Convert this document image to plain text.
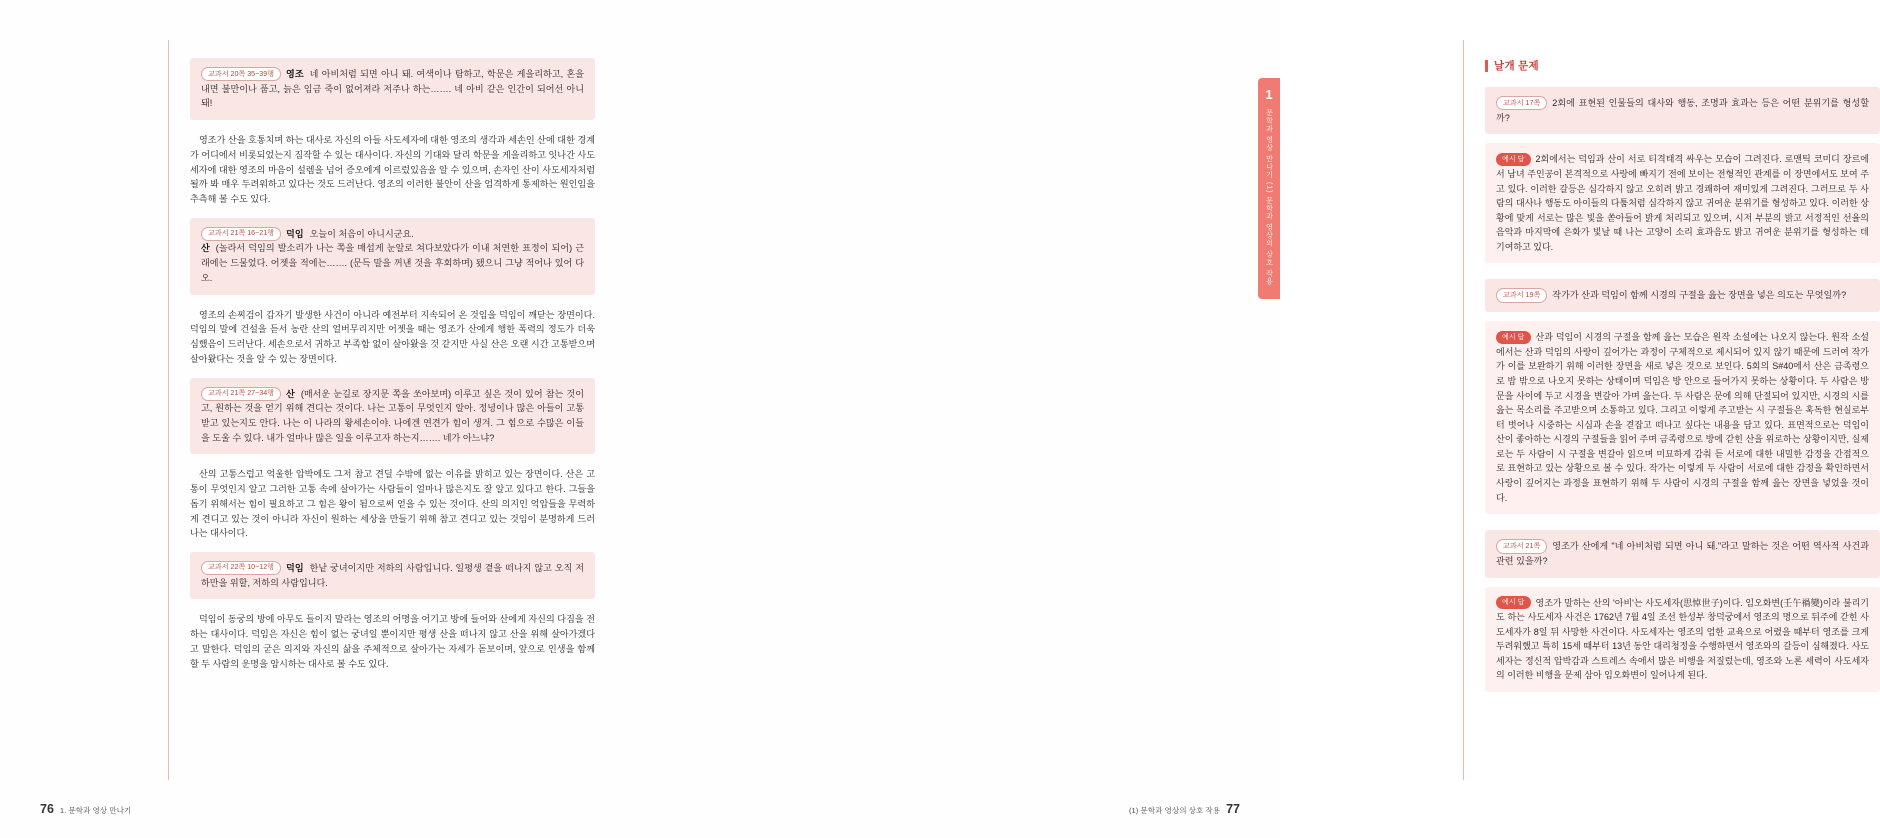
교과서 20쪽 35~39행 영조 네 아비처럼 되면 아니 돼. 여색이나 탐하고, 학문은 게을리하고, 혼을 내면 불만이나 품고, 늙은 임금 죽이 없어져라 저주나 하는……. 네 아비 같은 인간이 되어선 아니 돼!

영조가 산을 호통치며 하는 대사로 자신의 아들 사도세자에 대한 영조의 생각과 세손인 산에 대한 경계가 어디에서 비롯되었는지 짐작할 수 있는 대사이다. 자신의 기대와 달리 학문을 게을리하고 잇나간 사도세자에 대한 영조의 마음이 설렘을 넘어 증오에게 이르렀있음을 알 수 있으며, 손자인 산이 사도세자처럼 될까 봐 매우 두려워하고 있다는 것도 드러난다. 영조의 이러한 불안이 산을 엄격하게 통제하는 원인임을 추측해 볼 수도 있다.

교과서 21쪽 16~21행 덕임 오늘이 처음이 아니시군요.
산 (놀라서 덕임의 발소리가 나는 쪽을 매섭게 눈알로 쳐다보았다가 이내 처연한 표정이 되어) 근래에는 드물었다. 어젯을 적에는……. (문득 말을 꺼낸 것을 후회하며) 됐으니 그냥 적어나 있어 다오.

영조의 손찌검이 갑자기 발생한 사건이 아니라 예전부터 지속되어 온 것임을 덕임이 깨닫는 장면이다. 덕임의 말에 건설을 듣서 농란 산의 얼버무리지만 어젯을 때는 영조가 산에게 행한 폭력의 정도가 더욱 심했음이 드러난다. 세손으로서 귀하고 부족함 없이 살아왔을 것 같지만 사실 산은 오랜 시간 고통받으며 살아왔다는 것을 알 수 있는 장면이다.

교과서 21쪽 27~34행 산 (매서운 눈길로 장지문 쪽을 쏘아보며) 이루고 싶은 것이 있어 참는 것이고, 원하는 것을 얻기 위해 견디는 것이다. 나는 고통이 무엇인지 알아. 정녕이나 많은 아들이 고통받고 있는지도 안다. 나는 이 나라의 왕세손이야. 나에겐 연견가 힘이 생겨. 그 힘으로 수많은 이들을 도울 수 있다. 내가 얼마나 많은 일을 이루고자 하는지……. 네가 아느냐?

산의 고통스럽고 억울한 압박에도 그저 참고 견딜 수밖에 없는 이유를 밝히고 있는 장면이다. 산은 고통이 무엇인지 알고 그러한 고통 속에 살아가는 사람들이 얼마나 많은지도 잘 알고 있다고 한다. 그들을 돕기 위해서는 힘이 필요하고 그 힘은 왕이 됨으로써 얻을 수 있는 것이다. 산의 의지인 억압들을 무력하게 견디고 있는 것이 아니라 자신이 원하는 세상을 만들기 위해 참고 견디고 있는 것임이 분명하게 드러나는 대사이다.

교과서 22쪽 10~12행 덕임 한낱 궁녀이지만 저하의 사람입니다. 일평생 곁을 떠나지 않고 오직 저하만을 위할, 저하의 사람입니다.

덕임이 동궁의 방에 아무도 들이지 말라는 영조의 어명을 어기고 방에 들어와 산에게 자신의 다짐을 전하는 대사이다. 덕임은 자신은 힘이 없는 궁녀일 뿐이지만 평생 산을 떠나지 않고 산을 위해 살아가겠다고 말한다. 덕임의 굳은 의지와 자신의 삶을 주체적으로 살아가는 자세가 돋보이며, 앞으로 인생을 함께할 두 사람의 운명을 암시하는 대사로 볼 수도 있다.

76 1. 문학과 영상 만나기
날개 문제
교과서 17쪽 2회에 표현된 인물들의 대사와 행동, 조명과 효과는 등은 어떤 분위기를 형성할까?
예시 답 2회에서는 덕임과 산이 서로 티격태격 싸우는 모습이 그려진다. 로맨틱 코미디 장르에서 남녀 주인공이 본격적으로 사랑에 빠지기 전에 보이는 전형적인 관계를 이 장면에서도 보여 주고 있다. 이러한 갈등은 심각하지 않고 오히려 밝고 경쾌하여 재미있게 그려진다. 그러므로 두 사람의 대사나 행동도 아이들의 다툼처럼 심각하지 않고 귀여운 분위기를 형성하고 있다. 이러한 상황에 맞게 서로는 많은 빛을 쏟아들어 밝게 처리되고 있으며, 시저 부분의 밝고 서정적인 선율의 음악과 마지막에 은화가 빛날 때 나는 고양이 소리 효과음도 밝고 귀여운 분위기를 형성하는 데 기여하고 있다.
교과서 19쪽 작가가 산과 덕임이 함께 시경의 구절을 읊는 장면을 넣은 의도는 무엇일까?
예시 답 산과 덕임이 시경의 구절을 함께 읊는 모습은 원작 소설에는 나오지 않는다. 원작 소설에서는 산과 덕임의 사랑이 깊어가는 과정이 구체적으로 제시되어 있지 않기 때문에 드러여 작가가 이를 보완하기 위해 이러한 장면을 새로 넣은 것으로 보인다. 5회의 S#40에서 산은 금족령으로 밤 밖으로 나오지 못하는 상태이며 덕임은 방 안으로 들어가지 못하는 상황이다. 두 사람은 방문을 사이에 두고 시경을 변갈아 가며 읊는다. 두 사람은 문에 의해 단절되어 있지만, 시경의 시를 읊는 목소리를 주고받으며 소통하고 있다. 그리고 이렇게 주고받는 시 구절들은 혹독한 현실로부터 벗어나 시중하는 시심과 손을 겯잡고 떠나고 싶다는 내용을 담고 있다. 표면적으로는 덕임이 산이 좋아하는 시경의 구절들을 읽어 주며 금족령으로 방에 갇힌 산을 위로하는 상황이지만, 실제로는 두 사람이 시 구절을 변갈아 읽으며 미묘하게 감춰 듣 서로에 대한 내밀한 감정을 간접적으로 표현하고 있는 상황으로 볼 수 있다. 작가는 이렇게 두 사람이 서로에 대한 감정을 확인하면서 사랑이 깊어지는 과정을 표현하기 위해 두 사람이 시경의 구절을 함께 읊는 장면을 넣었을 것이다.
교과서 21쪽 영조가 산에게 "네 아비처럼 되면 아니 돼."라고 말하는 것은 어떤 역사적 사건과 관련 있을까?
예시 답 영조가 말하는 산의 '아비'는 사도세자(思悼世子)이다. 임오화변(壬午禍變)이라 불리기도 하는 사도세자 사건은 1762년 7월 4일 조선 한성부 창덕궁에서 영조의 명으로 뒤주에 갇힌 사도세자가 8일 뒤 사망한 사건이다. 사도세자는 영조의 엄한 교육으로 어렸을 때부터 영조를 크게 두려워했고 특히 15세 때부터 13년 동안 대리청정을 수행하면서 영조와의 갈등이 심해졌다. 사도세자는 정신적 압박감과 스트레스 속에서 많은 비행을 저질렀는데, 영조와 노론 세력이 사도세자의 이러한 비행을 문제 삼아 임오화변이 일어나게 된다.
1
문학과 영상 만나기 (1) 문학과 영상의 상호 작용
(1) 문학과 영상의 상호 작용 77
